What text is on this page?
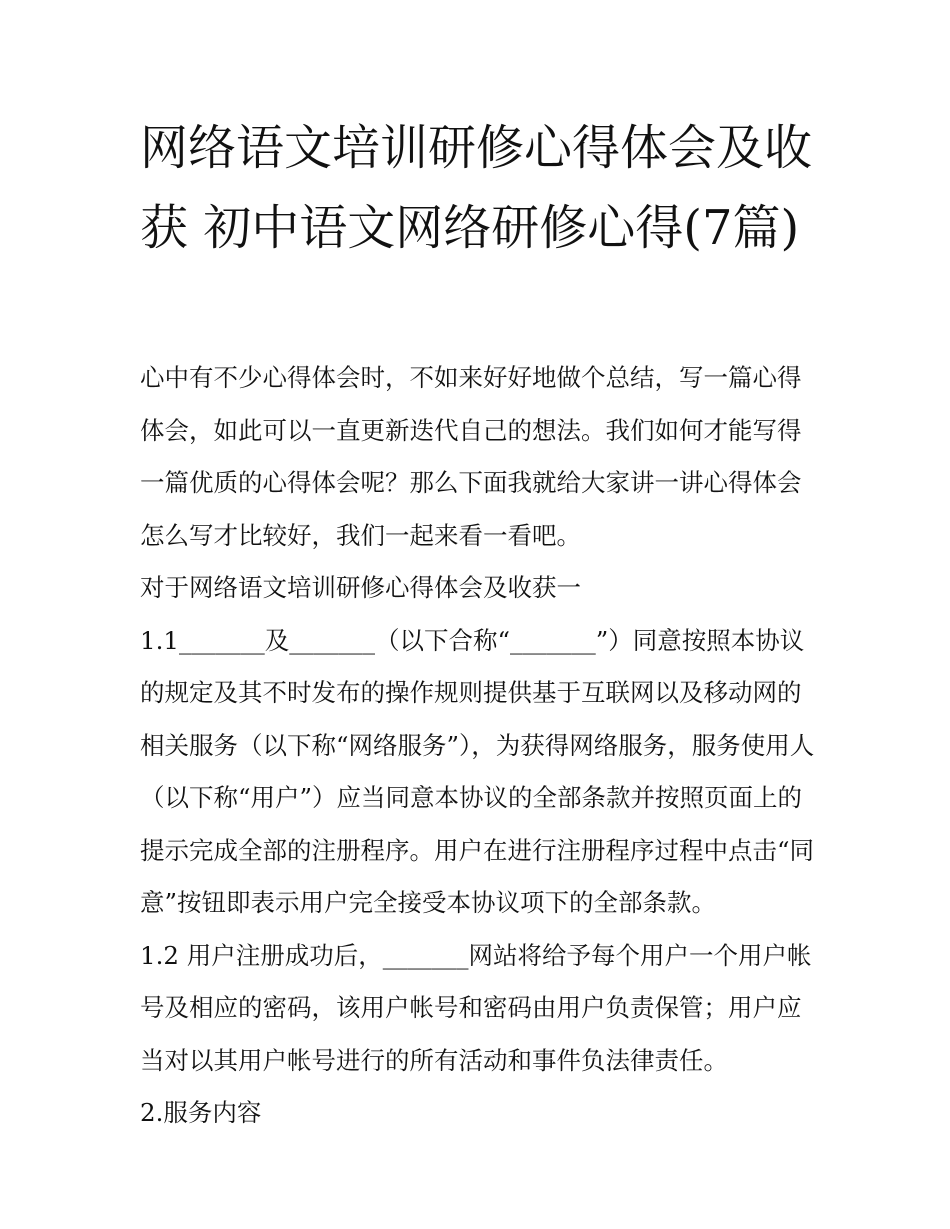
网络语文培训研修心得体会及收获 初中语文网络研修心得(7篇)

心中有不少心得体会时，不如来好好地做个总结，写一篇心得体会，如此可以一直更新迭代自己的想法。我们如何才能写得一篇优质的心得体会呢？那么下面我就给大家讲一讲心得体会怎么写才比较好，我们一起来看一看吧。

对于网络语文培训研修心得体会及收获一

1.1_______及_______（以下合称“_______”）同意按照本协议的规定及其不时发布的操作规则提供基于互联网以及移动网的相关服务（以下称“网络服务”），为获得网络服务，服务使用人（以下称“用户”）应当同意本协议的全部条款并按照页面上的提示完成全部的注册程序。用户在进行注册程序过程中点击“同意”按钮即表示用户完全接受本协议项下的全部条款。

1.2 用户注册成功后，_______网站将给予每个用户一个用户帐号及相应的密码，该用户帐号和密码由用户负责保管；用户应当对以其用户帐号进行的所有活动和事件负法律责任。

2.服务内容
